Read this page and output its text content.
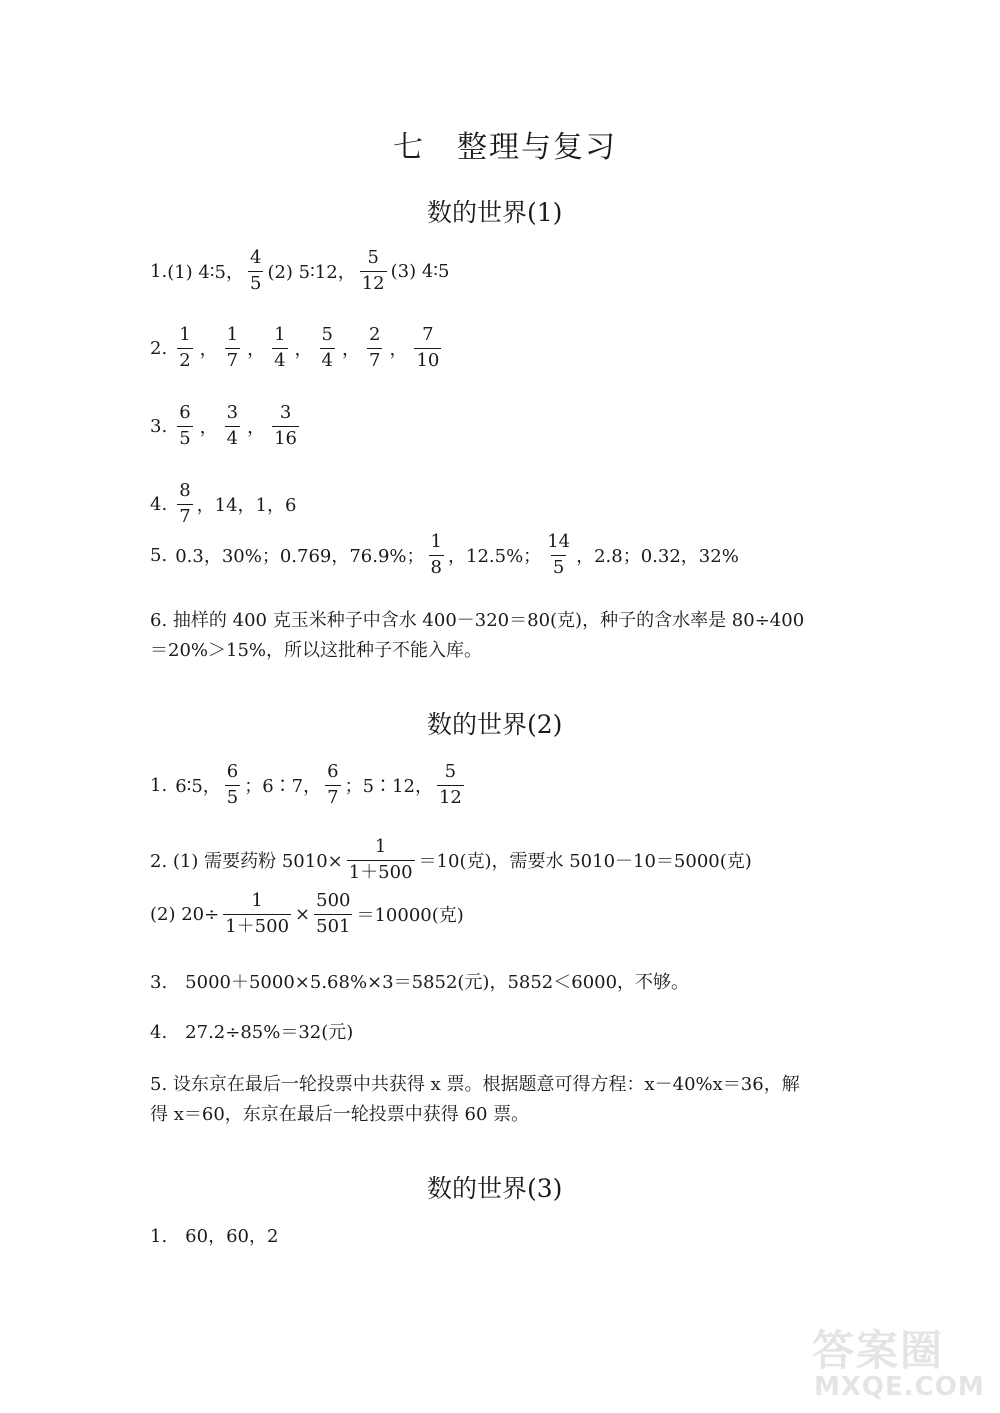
七　整理与复习
数的世界(1)
1. (1) 4∶5， $\frac{4}{5} (2)$ 5∶12， $\frac{5}{12} (3)$ 4∶5
2. $\frac{1}{2}$ ， $\frac{1}{7}$ ， $\frac{1}{4}$ ， $\frac{5}{4}$ ， $\frac{2}{7}$ ， $\frac{7}{10}$
3. $\frac{6}{5}$ ， $\frac{3}{4}$ ， $\frac{3}{16}$
4. $\frac{8}{7}$ ，14，1，6
5. 0.3，30%；0.769，76.9%； $\frac{1}{8}$ ，12.5%； $\frac{14}{5}$ ，2.8；0.32，32%
6. 抽样的 400 克玉米种子中含水 400－320＝80(克)，种子的含水率是 80÷400
＝20%＞15%，所以这批种子不能入库。
数的世界(2)
1. 6∶5， $\frac{6}{5}$ ；6∶7， $\frac{6}{7}$ ；5∶12， $\frac{5}{12}$
2. (1) 需要药粉 $5010\times \frac{1}{1+500} =10$(克)，需要水 5010－10＝5000(克)
(2) $20\div \frac{1}{1+500} \times \frac{500}{501} =10000$(克)
3.　5000＋5000×5.68%×3＝5852(元)，5852＜6000，不够。
4.　27.2÷85%＝32(元)
5. 设东京在最后一轮投票中共获得 x 票。根据题意可得方程：x－40%x＝36，解
得 x＝60，东京在最后一轮投票中获得 60 票。
数的世界(3)
1.　60，60，2
答案圈
MXQE.COM
